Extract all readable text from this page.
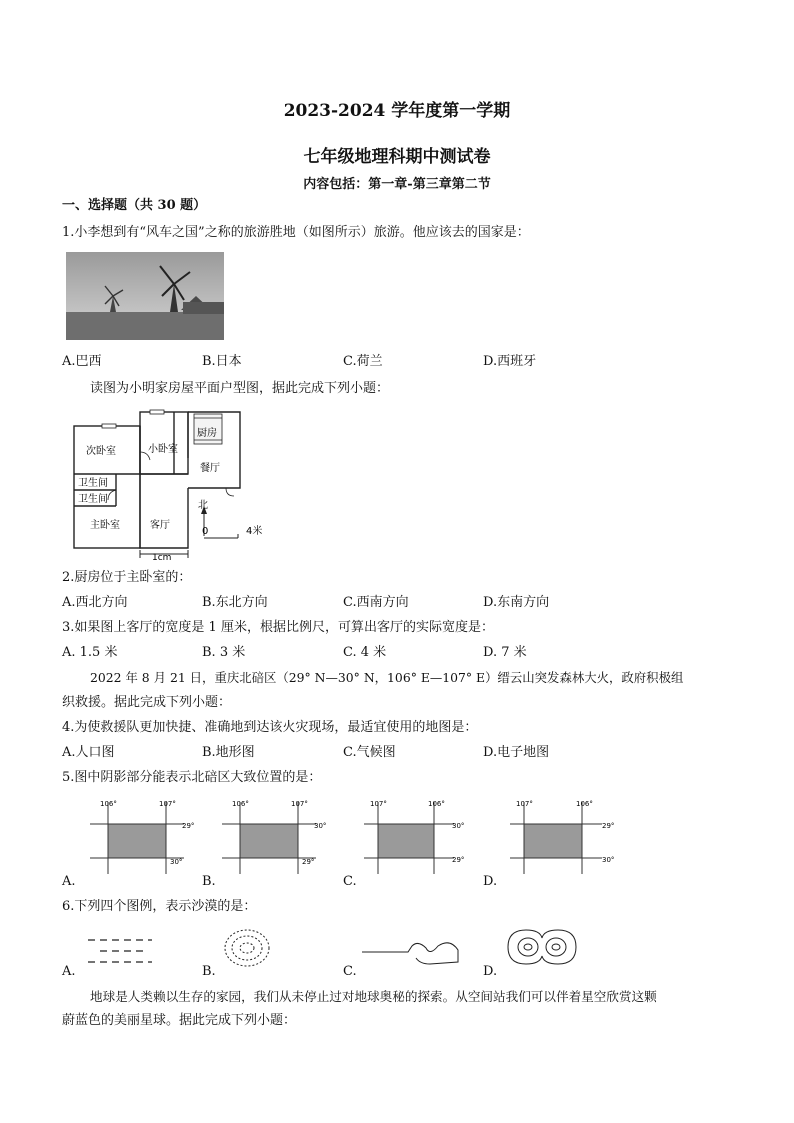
2023-2024 学年度第一学期
七年级地理科期中测试卷
内容包括：第一章-第三章第二节
一、选择题（共 30 题）
1.小李想到有“风车之国”之称的旅游胜地（如图所示）旅游。他应该去的国家是：
A.巴西	B.日本	C.荷兰	D.西班牙
读图为小明家房屋平面户型图，据此完成下列小题：
次卧室	小卧室
厨房
餐厅
卫生间
卫生间
主卧室	客厅
北
0	4米
1cm
2.厨房位于主卧室的：
A.西北方向	B.东北方向	C.西南方向	D.东南方向
3.如果图上客厅的宽度是 1 厘米，根据比例尺，可算出客厅的实际宽度是：
A. 1.5 米	B. 3 米	C. 4 米	D. 7 米
2022 年 8 月 21 日，重庆北碚区（29° N—30° N，106° E—107° E）缙云山突发森林大火，政府积极组
织救援。据此完成下列小题：
4.为使救援队更加快捷、准确地到达该火灾现场，最适宜使用的地图是：
A.人口图	B.地形图	C.气候图	D.电子地图
5.图中阴影部分能表示北碚区大致位置的是：
106°	107°
29°
30°
106°	107°
30°
29°
107°	106°
30°
29°
107°	106°
29°
30°
A.	B.	C.	D.
6.下列四个图例，表示沙漠的是：
A.	B.	C.	D.
地球是人类赖以生存的家园，我们从未停止过对地球奥秘的探索。从空间站我们可以伴着星空欣赏这颗
蔚蓝色的美丽星球。据此完成下列小题：
